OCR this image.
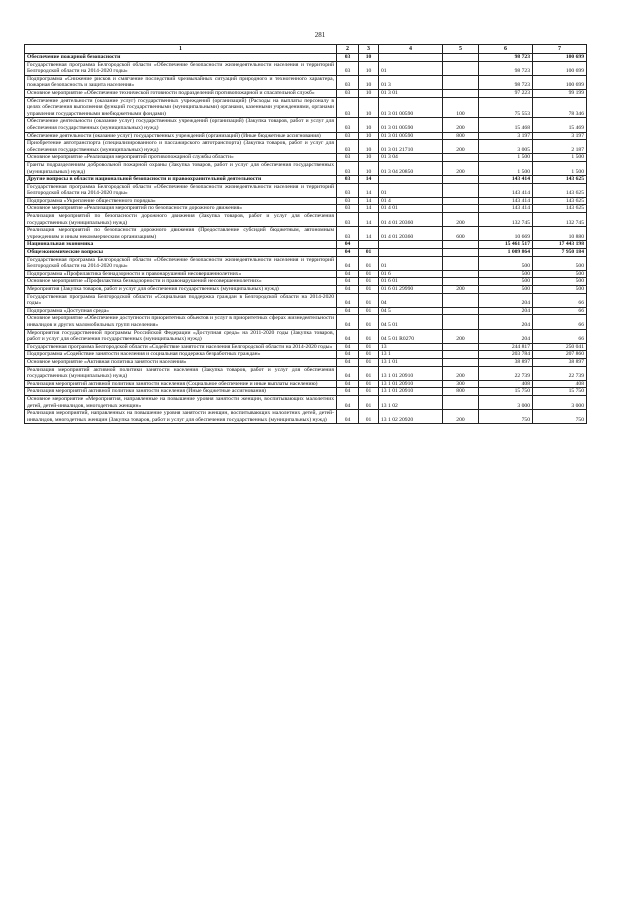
281
1	2	3	4	5	6	7
Обеспечение пожарной безопасности	03	10			98 723	100 699
Государственная программа Белгородской области «Обеспечение безопасности жизнедеятельности населения и территорий Белгородской области на 2014-2020 годы»	03	10	01		98 723	100 699
Подпрограмма «Снижение рисков и смягчение последствий чрезвычайных ситуаций природного и техногенного характера, пожарная безопасность и защита населения»	03	10	01 3		98 723	100 699
Основное мероприятие «Обеспечение технической готовности подразделений противопожарной и спасательной служб»	03	10	01 3 01		97 223	99 199
Обеспечение деятельности (оказание услуг) государственных учреждений (организаций) (Расходы на выплаты персоналу в целях обеспечения выполнения функций государственными (муниципальными) органами, казенными учреждениями, органами управления государственными внебюджетными фондами)	03	10	01 3 01 00590	100	75 553	78 346
Обеспечение деятельности (оказание услуг) государственных учреждений (организаций) (Закупка товаров, работ и услуг для обеспечения государственных (муниципальных) нужд)	03	10	01 3 01 00590	200	15 468	15 469
Обеспечение деятельности (оказание услуг) государственных учреждений (организаций) (Иные бюджетные ассигнования)	03	10	01 3 01 00590	800	3 197	3 197
Приобретение автотранспорта (специализированного и пассажирского автотранспорта) (Закупка товаров, работ и услуг для обеспечения государственных (муниципальных) нужд)	03	10	01 3 01 21710	200	3 005	2 187
Основное мероприятие «Реализация мероприятий противопожарной службы области»	03	10	01 3 04		1 500	1 500
Гранты подразделениям добровольной пожарной охраны (Закупка товаров, работ и услуг для обеспечения государственных (муниципальных) нужд)	03	10	01 3 04 20850	200	1 500	1 500
Другие вопросы в области национальной безопасности и правоохранительной деятельности	03	14			143 414	143 625
Государственная программа Белгородской области «Обеспечение безопасности жизнедеятельности населения и территорий Белгородской области на 2014-2020 годы»	03	14	01		143 414	143 625
Подпрограмма «Укрепление общественного порядка»	03	14	01 4		143 414	143 625
Основное мероприятие «Реализация мероприятий по безопасности дорожного движения»	03	14	01 4 01		143 414	143 625
Реализация мероприятий по безопасности дорожного движения (Закупка товаров, работ и услуг для обеспечения государственных (муниципальных) нужд)	03	14	01 4 01 20360	200	132 745	132 745
Реализация мероприятий по безопасности дорожного движения (Предоставление субсидий бюджетным, автономным учреждениям и иным некоммерческим организациям)	03	14	01 4 01 20360	600	10 669	10 880
Национальная экономика	04				15 461 517	17 443 198
Общеэкономические вопросы	04	01			1 009 864	7 950 184
Государственная программа Белгородской области «Обеспечение безопасности жизнедеятельности населения и территорий Белгородской области на 2014-2020 годы»	04	01	01		500	500
Подпрограмма «Профилактика безнадзорности и правонарушений несовершеннолетних»	04	01	01 6		500	500
Основное мероприятие «Профилактика безнадзорности и правонарушений несовершеннолетних»	04	01	01 6 01		500	500
Мероприятия (Закупка товаров, работ и услуг для обеспечения государственных (муниципальных) нужд)	04	01	01 6 01 29990	200	500	500
Государственная программа Белгородской области «Социальная поддержка граждан в Белгородской области на 2014-2020 годы»	04	01	04		204	66
Подпрограмма «Доступная среда»	04	01	04 5		204	66
Основное мероприятие «Обеспечение доступности приоритетных объектов и услуг в приоритетных сферах жизнедеятельности инвалидов и других маломобильных групп населения»	04	01	04 5 01		204	66
Мероприятия государственной программы Российской Федерации «Доступная среда» на 2011-2020 годы (Закупка товаров, работ и услуг для обеспечения государственных (муниципальных) нужд)	04	01	04 5 01 R0270	200	204	66
Государственная программа Белгородской области «Содействие занятости населения Белгородской области на 2014-2020 годы»	04	01	13		244 817	250 041
Подпрограмма «Содействие занятости населения и социальная поддержка безработных граждан»	04	01	13 1		203 784	207 860
Основное мероприятие «Активная политика занятости населения»	04	01	13 1 01		38 897	38 897
Реализация мероприятий активной политики занятости населения (Закупка товаров, работ и услуг для обеспечения государственных (муниципальных) нужд)	04	01	13 1 01 20910	200	22 739	22 739
Реализация мероприятий активной политики занятости населения (Социальное обеспечение и иные выплаты населению)	04	01	13 1 01 20910	300	408	408
Реализация мероприятий активной политики занятости населения (Иные бюджетные ассигнования)	04	01	13 1 01 20910	800	15 750	15 750
Основное мероприятие «Мероприятия, направленные на повышение уровня занятости женщин, воспитывающих малолетних детей, детей-инвалидов, многодетных женщин»	04	01	13 1 02		3 000	3 000
Реализация мероприятий, направленных на повышение уровня занятости женщин, воспитывающих малолетних детей, детей-инвалидов, многодетных женщин (Закупка товаров, работ и услуг для обеспечения государственных (муниципальных) нужд)	04	01	13 1 02 20920	200	750	750
